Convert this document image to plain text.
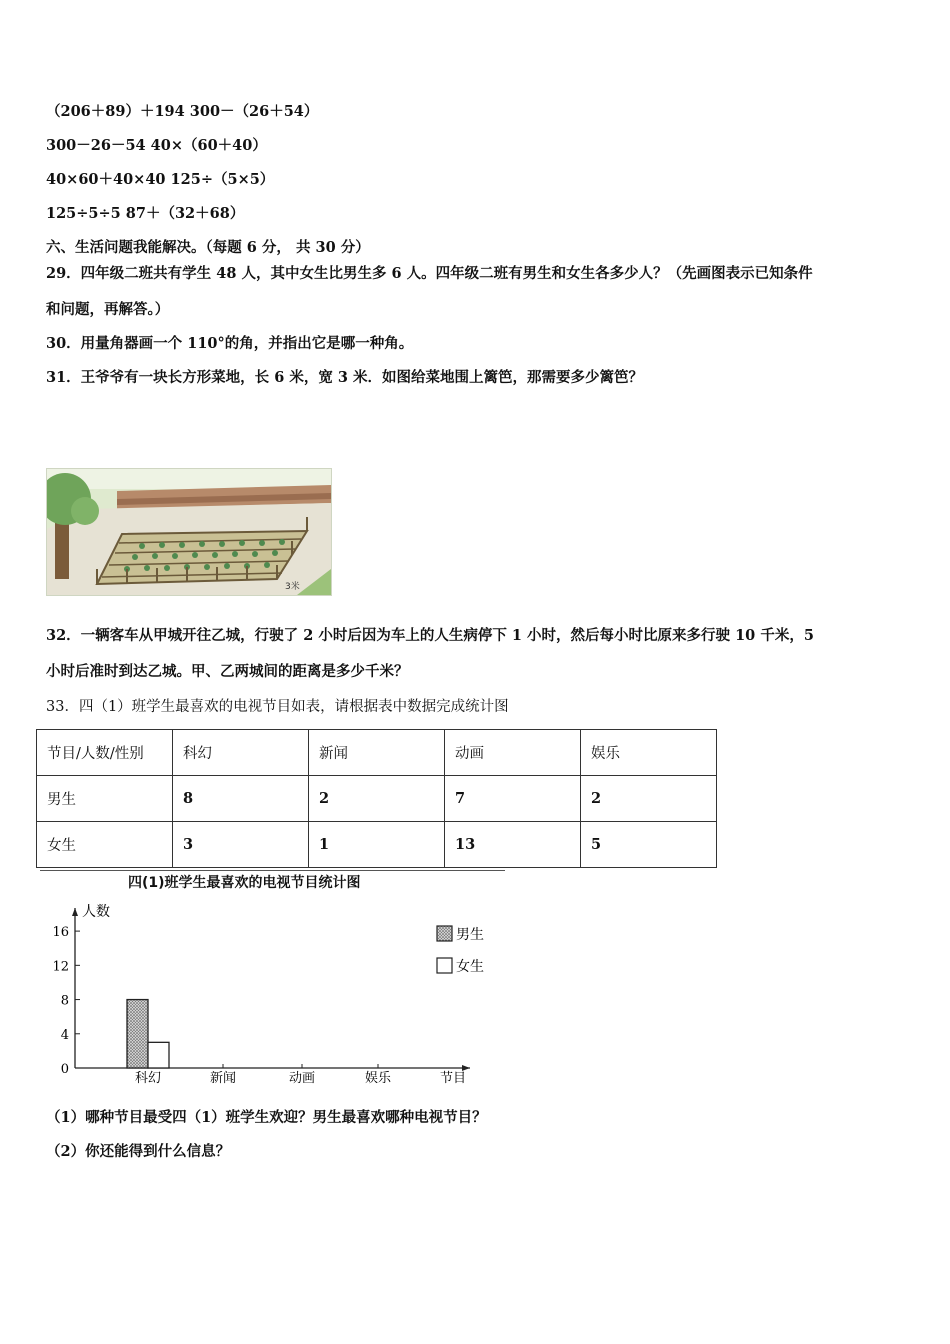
（206＋89）＋194 300－（26＋54）
300－26－54 40×（60＋40）
40×60＋40×40 125÷（5×5）
125÷5÷5 87＋（32＋68）
六、生活问题我能解决。（每题 6 分， 共 30 分）
29．四年级二班共有学生 48 人，其中女生比男生多 6 人。四年级二班有男生和女生各多少人？（先画图表示已知条件
和问题，再解答。）
30．用量角器画一个 110°的角，并指出它是哪一种角。
31．王爷爷有一块长方形菜地，长 6 米，宽 3 米．如图给菜地围上篱笆，那需要多少篱笆？
3米
32．一辆客车从甲城开往乙城，行驶了 2 小时后因为车上的人生病停下 1 小时，然后每小时比原来多行驶 10 千米，5
小时后准时到达乙城。甲、乙两城间的距离是多少千米？
33．四（1）班学生最喜欢的电视节目如表，请根据表中数据完成统计图
节目/人数/性别	科幻	新闻	动画	娱乐
男生	8	2	7	2
女生	3	1	13	5
四(1)班学生最喜欢的电视节目统计图
人数
节目
0
4
8
12
16
科幻	新闻	动画	娱乐
男生
女生
（1）哪种节目最受四（1）班学生欢迎？男生最喜欢哪种电视节目？
（2）你还能得到什么信息？
